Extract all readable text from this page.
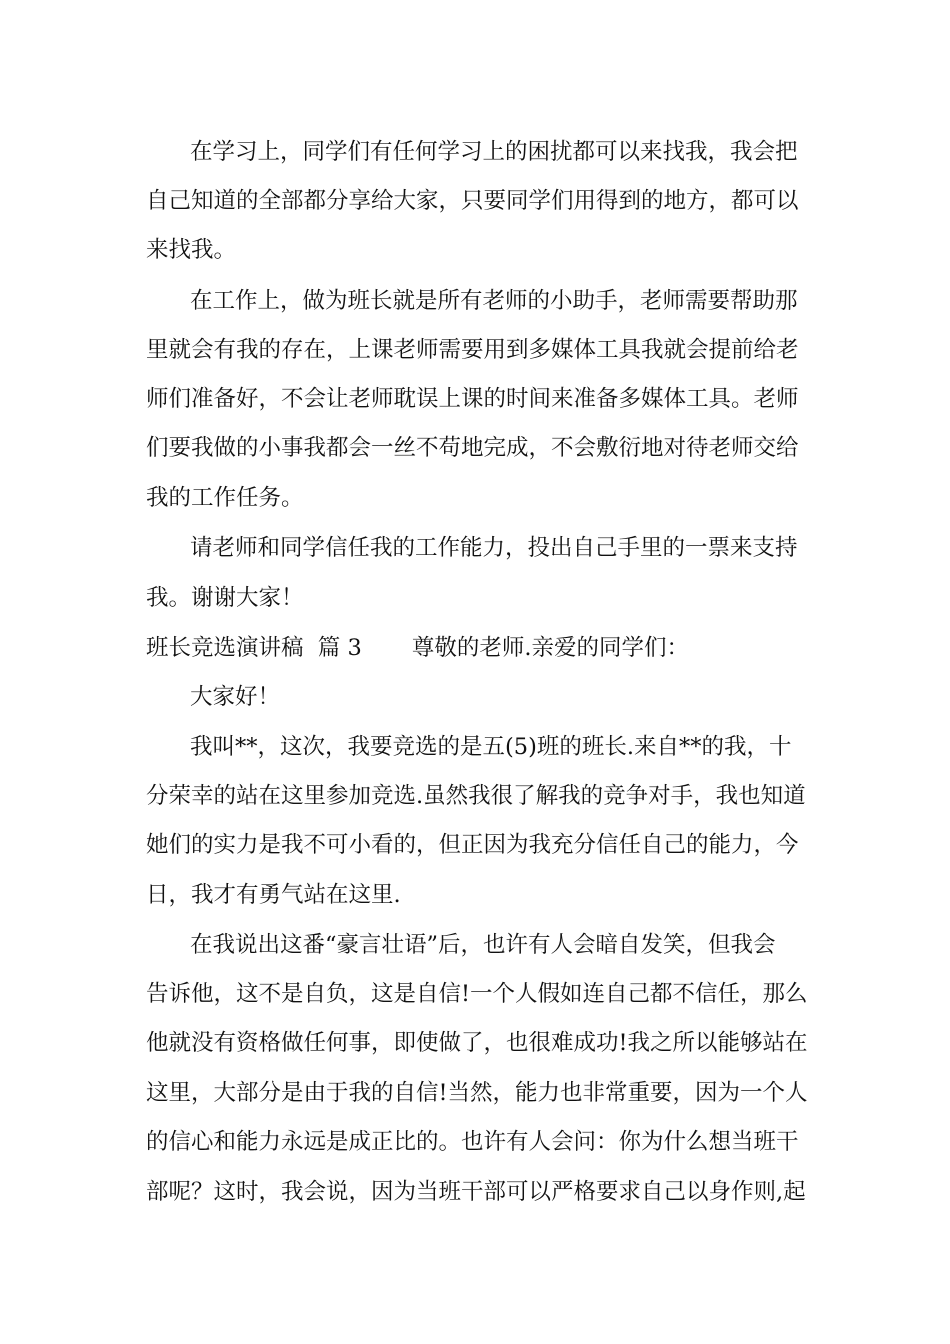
在学习上，同学们有任何学习上的困扰都可以来找我，我会把

自己知道的全部都分享给大家，只要同学们用得到的地方，都可以

来找我。

在工作上，做为班长就是所有老师的小助手，老师需要帮助那

里就会有我的存在，上课老师需要用到多媒体工具我就会提前给老

师们准备好，不会让老师耽误上课的时间来准备多媒体工具。老师

们要我做的小事我都会一丝不苟地完成，不会敷衍地对待老师交给

我的工作任务。

请老师和同学信任我的工作能力，投出自己手里的一票来支持

我。谢谢大家！

班长竞选演讲稿  篇 3       尊敬的老师.亲爱的同学们：

大家好！

我叫**，这次，我要竞选的是五(5)班的班长.来自**的我，十

分荣幸的站在这里参加竞选.虽然我很了解我的竞争对手，我也知道

她们的实力是我不可小看的，但正因为我充分信任自己的能力，今

日，我才有勇气站在这里.

在我说出这番“豪言壮语”后，也许有人会暗自发笑，但我会

告诉他，这不是自负，这是自信!一个人假如连自己都不信任，那么

他就没有资格做任何事，即使做了，也很难成功!我之所以能够站在

这里，大部分是由于我的自信!当然，能力也非常重要，因为一个人

的信心和能力永远是成正比的。也许有人会问：你为什么想当班干

部呢？这时，我会说，因为当班干部可以严格要求自己以身作则,起
